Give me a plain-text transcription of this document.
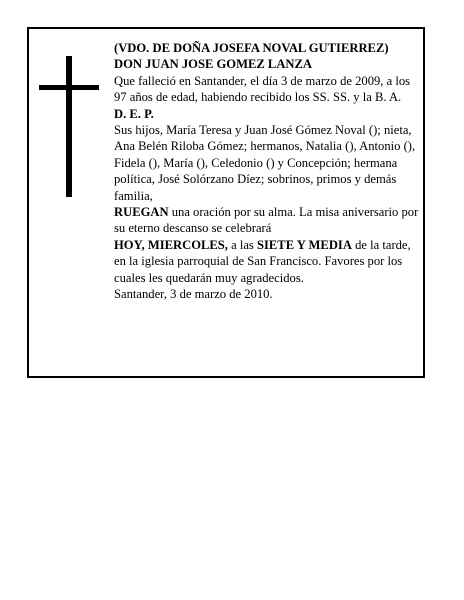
(VDO. DE DOÑA JOSEFA NOVAL GUTIERREZ)

DON JUAN JOSE GOMEZ LANZA

Que falleció en Santander, el día 3 de marzo de 2009, a los 97 años de edad, habiendo recibido los SS. SS. y la B. A.

D. E. P.

Sus hijos, María Teresa y Juan José Gómez Noval (); nieta, Ana Belén Riloba Gómez; hermanos, Natalia (), Antonio (), Fidela (), María (), Celedonio () y Concepción; hermana política, José Solórzano Díez; sobrinos, primos y demás familia,

RUEGAN una oración por su alma. La misa aniversario por su eterno descanso se celebrará

HOY, MIERCOLES, a las SIETE Y MEDIA de la tarde, en la iglesia parroquial de San Francisco. Favores por los cuales les quedarán muy agradecidos.

Santander, 3 de marzo de 2010.
